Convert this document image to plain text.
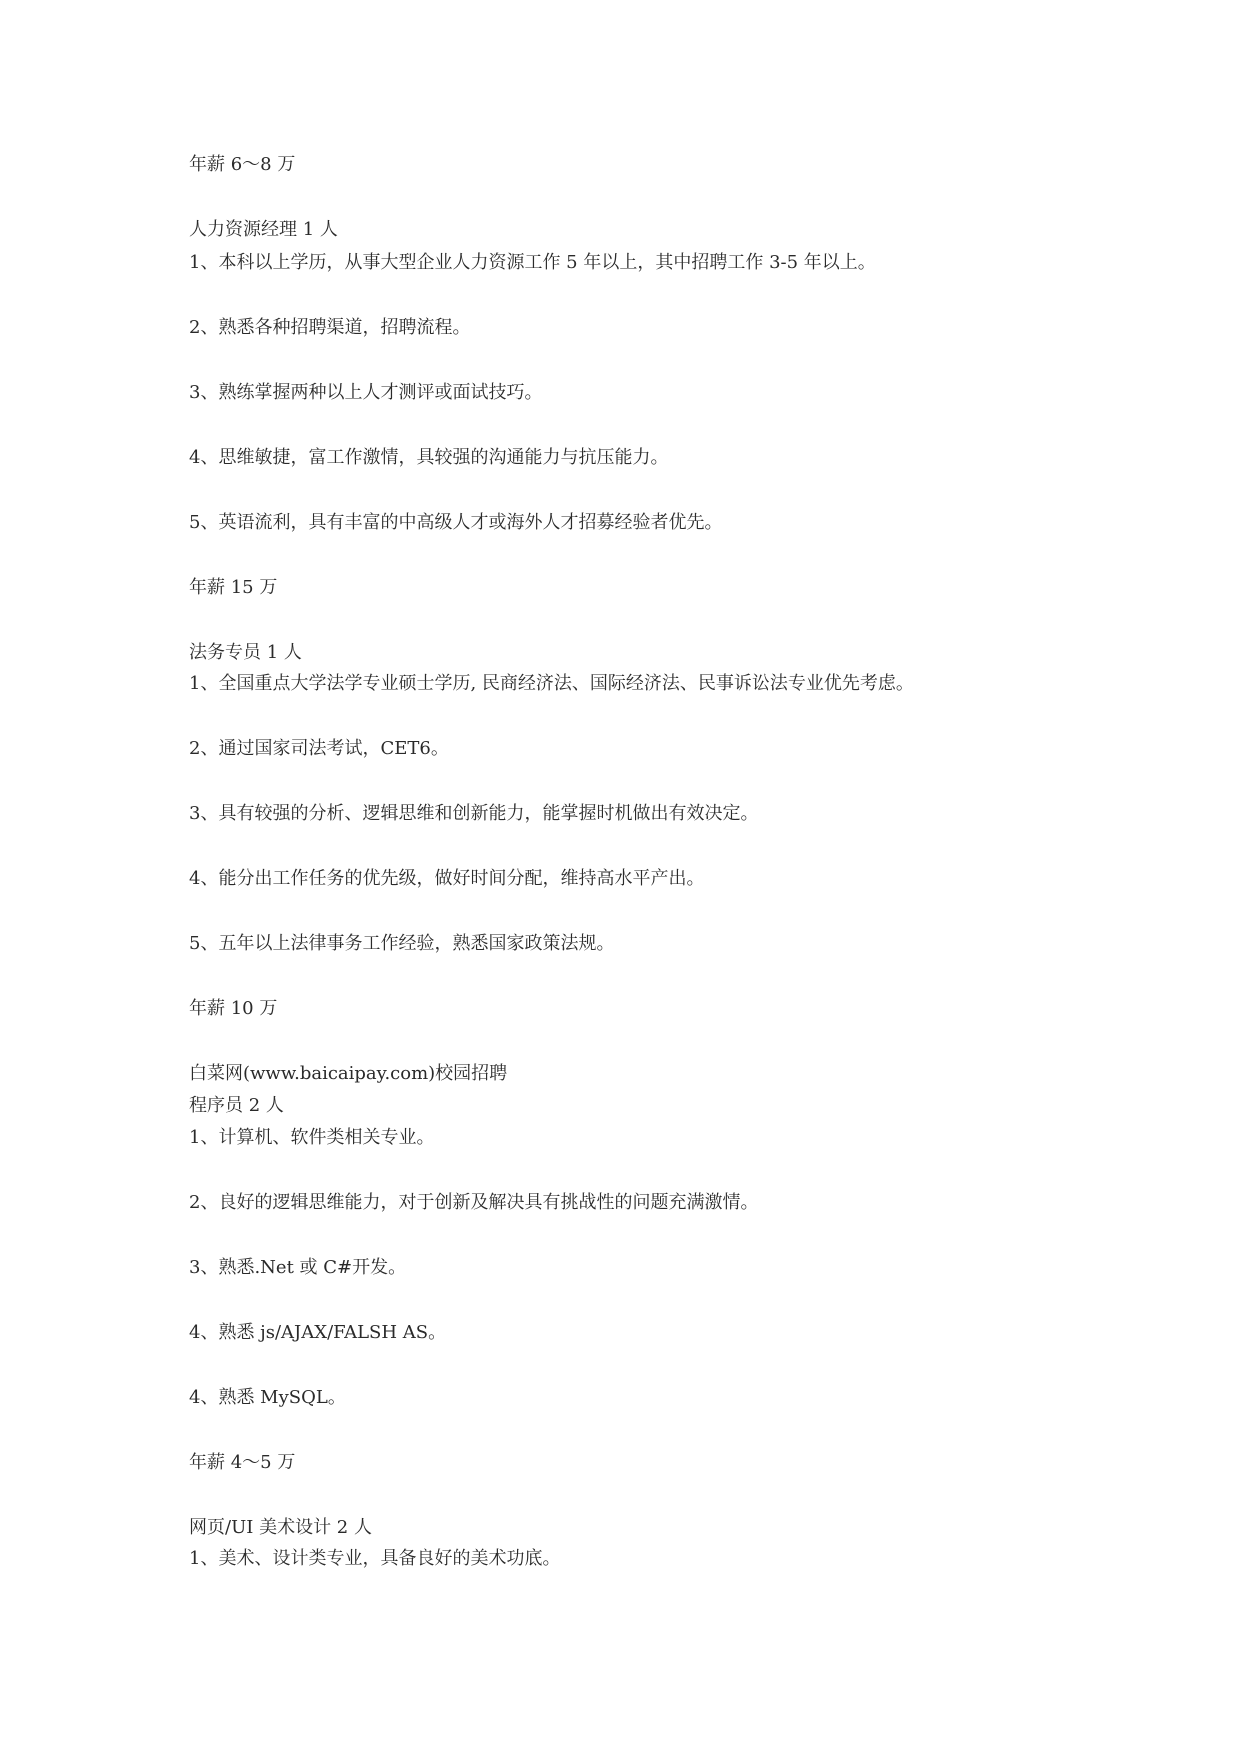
年薪 6～8 万
人力资源经理 1 人
1、本科以上学历，从事大型企业人力资源工作 5 年以上，其中招聘工作 3-5 年以上。
2、熟悉各种招聘渠道，招聘流程。
3、熟练掌握两种以上人才测评或面试技巧。
4、思维敏捷，富工作激情，具较强的沟通能力与抗压能力。
5、英语流利，具有丰富的中高级人才或海外人才招募经验者优先。
年薪 15 万
法务专员 1 人
1、全国重点大学法学专业硕士学历, 民商经济法、国际经济法、民事诉讼法专业优先考虑。
2、通过国家司法考试，CET6。
3、具有较强的分析、逻辑思维和创新能力，能掌握时机做出有效决定。
4、能分出工作任务的优先级，做好时间分配，维持高水平产出。
5、五年以上法律事务工作经验，熟悉国家政策法规。
年薪 10 万
白菜网(www.baicaipay.com)校园招聘
程序员 2 人
1、计算机、软件类相关专业。
2、良好的逻辑思维能力，对于创新及解决具有挑战性的问题充满激情。
3、熟悉.Net 或 C#开发。
4、熟悉 js/AJAX/FALSH AS。
4、熟悉 MySQL。
年薪 4～5 万
网页/UI 美术设计 2 人
1、美术、设计类专业，具备良好的美术功底。
